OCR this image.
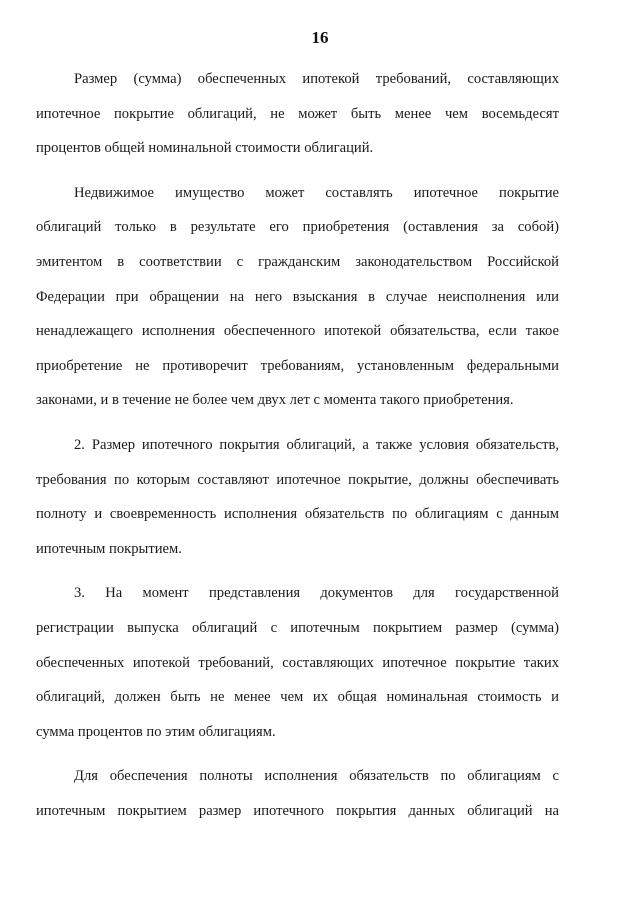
16
Размер (сумма) обеспеченных ипотекой требований, составляющих
ипотечное покрытие облигаций, не может быть менее чем восемьдесят
процентов общей номинальной стоимости облигаций.
Недвижимое имущество может составлять ипотечное покрытие
облигаций только в результате его приобретения (оставления за собой)
эмитентом в соответствии с гражданским законодательством Российской
Федерации при обращении на него взыскания в случае неисполнения или
ненадлежащего исполнения обеспеченного ипотекой обязательства, если такое
приобретение не противоречит требованиям, установленным федеральными
законами, и в течение не более чем двух лет с момента такого приобретения.
2. Размер ипотечного покрытия облигаций, а также условия обязательств,
требования по которым составляют ипотечное покрытие, должны обеспечивать
полноту и своевременность исполнения обязательств по облигациям с данным
ипотечным покрытием.
3. На момент представления документов для государственной
регистрации выпуска облигаций с ипотечным покрытием размер (сумма)
обеспеченных ипотекой требований, составляющих ипотечное покрытие таких
облигаций, должен быть не менее чем их общая номинальная стоимость и
сумма процентов по этим облигациям.
Для обеспечения полноты исполнения обязательств по облигациям с
ипотечным покрытием размер ипотечного покрытия данных облигаций на
